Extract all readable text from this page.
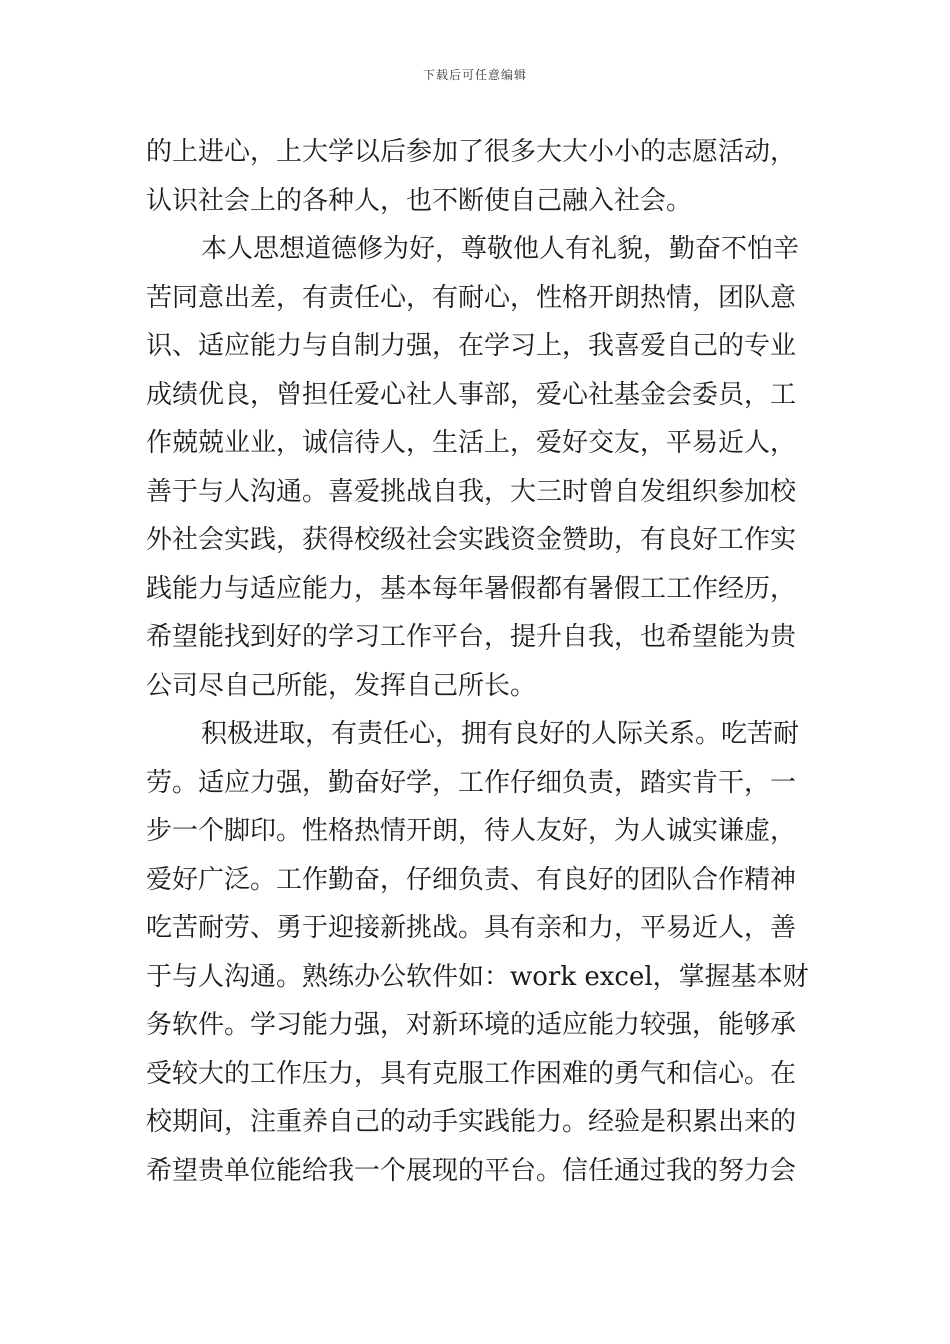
下载后可任意编辑
的上进心，上大学以后参加了很多大大小小的志愿活动，
认识社会上的各种人，也不断使自己融入社会。
本人思想道德修为好，尊敬他人有礼貌，勤奋不怕辛
苦同意出差，有责任心，有耐心，性格开朗热情，团队意
识、适应能力与自制力强，在学习上，我喜爱自己的专业
成绩优良，曾担任爱心社人事部，爱心社基金会委员，工
作兢兢业业，诚信待人，生活上，爱好交友，平易近人，
善于与人沟通。喜爱挑战自我，大三时曾自发组织参加校
外社会实践，获得校级社会实践资金赞助，有良好工作实
践能力与适应能力，基本每年暑假都有暑假工工作经历，
希望能找到好的学习工作平台，提升自我，也希望能为贵
公司尽自己所能，发挥自己所长。
积极进取，有责任心，拥有良好的人际关系。吃苦耐
劳。适应力强，勤奋好学，工作仔细负责，踏实肯干，一
步一个脚印。性格热情开朗，待人友好，为人诚实谦虚，
爱好广泛。工作勤奋，仔细负责、有良好的团队合作精神
吃苦耐劳、勇于迎接新挑战。具有亲和力，平易近人，善
于与人沟通。熟练办公软件如：work excel，掌握基本财
务软件。学习能力强，对新环境的适应能力较强，能够承
受较大的工作压力，具有克服工作困难的勇气和信心。在
校期间，注重养自己的动手实践能力。经验是积累出来的
希望贵单位能给我一个展现的平台。信任通过我的努力会
